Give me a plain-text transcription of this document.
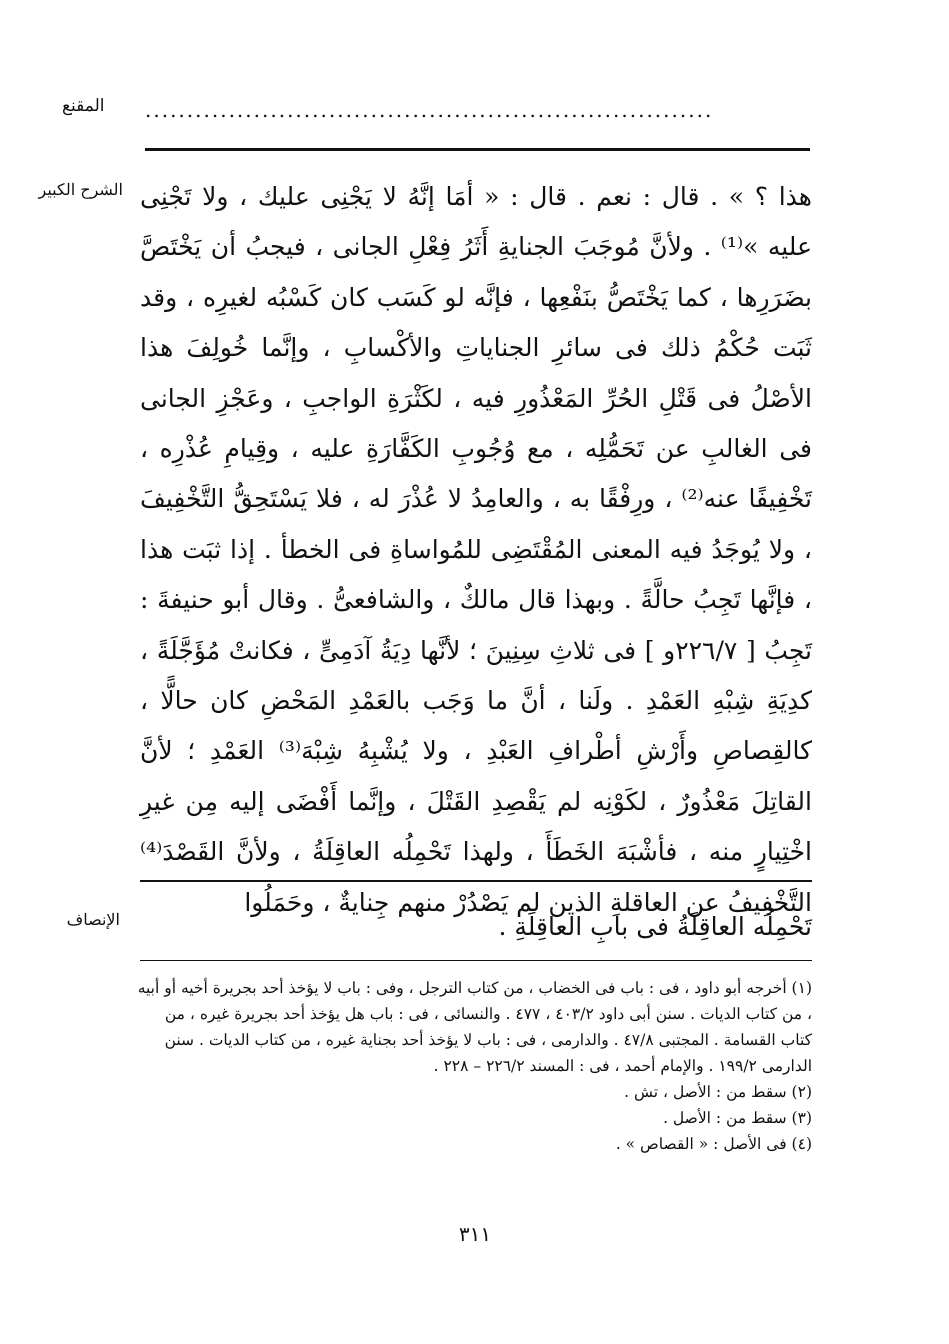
المقنع	....................................................................
الشرح الكبير هذا ؟ » . قال : نعم . قال : « أمَا إنَّهُ لا يَجْنِى عليك ، ولا تَجْنِى عليه »⁽¹⁾ . ولأنَّ مُوجَبَ الجنايةِ أَثَرُ فِعْلِ الجانى ، فيجبُ أن يَخْتَصَّ بضَرَرِها ، كما يَخْتَصُّ بنَفْعِها ، فإنَّه لو كَسَب كان كَسْبُه لغيرِه ، وقد ثَبَت حُكْمُ ذلك فى سائرِ الجناياتِ والأكْسابِ ، وإنَّما خُولِفَ هذا الأصْلُ فى قَتْلِ الحُرِّ المَعْذُورِ فيه ، لكَثْرَةِ الواجبِ ، وعَجْزِ الجانى فى الغالبِ عن تَحَمُّلِه ، مع وُجُوبِ الكَفَّارَةِ عليه ، وقِيامِ عُذْرِه ، تَخْفِيفًا عنه⁽²⁾ ، ورِفْقًا به ، والعامِدُ لا عُذْرَ له ، فلا يَسْتَحِقُّ التَّخْفِيفَ ، ولا يُوجَدُ فيه المعنى المُقْتَضِى للمُواساةِ فى الخطأ . إذا ثبَت هذا ، فإنَّها تَجِبُ حالَّةً . وبهذا قال مالكٌ ، والشافعىُّ . وقال أبو حنيفةَ : تَجِبُ [ ٢٢٦/٧و ] فى ثلاثِ سِنِينَ ؛ لأنَّها دِيَةُ آدَمِىٍّ ، فكانتْ مُؤَجَّلَةً ، كدِيَةِ شِبْهِ العَمْدِ . ولَنا ، أنَّ ما وَجَب بالعَمْدِ المَحْضِ كان حالًّا ، كالقِصاصِ وأَرْشِ أطْرافِ العَبْدِ ، ولا يُشْبِهُ شِبْهَ⁽³⁾ العَمْدِ ؛ لأنَّ القاتِلَ مَعْذُورٌ ، لكَوْنِه لم يَقْصِدِ القَتْلَ ، وإنَّما أَفْضَى إليه مِن غيرِ اخْتِيارٍ منه ، فأشْبَهَ الخَطَأَ ، ولهذا تَحْمِلُه العاقِلَةُ ، ولأنَّ القَصْدَ⁽⁴⁾ التَّخْفِيفُ عن العاقلةِ الذين لم يَصْدُرْ منهم جِنايةٌ ، وحَمَلُوا

الإنصاف	تَحْمِلُه العاقِلَةُ فى بابِ العاقِلَةِ .

(١) أخرجه أبو داود ، فى : باب فى الخضاب ، من كتاب الترجل ، وفى : باب لا يؤخذ أحد بجريرة أخيه أو أبيه ، من كتاب الديات . سنن أبى داود ٤٠٣/٢ ، ٤٧٧ . والنسائى ، فى : باب هل يؤخذ أحد بجريرة غيره ، من كتاب القسامة . المجتبى ٤٧/٨ . والدارمى ، فى : باب لا يؤخذ أحد بجناية غيره ، من كتاب الديات . سنن الدارمى ١٩٩/٢ . والإمام أحمد ، فى : المسند ٢٢٦/٢ – ٢٢٨ .

(٢) سقط من : الأصل ، تش .

(٣) سقط من : الأصل .

(٤) فى الأصل : « القصاص » .

٣١١
